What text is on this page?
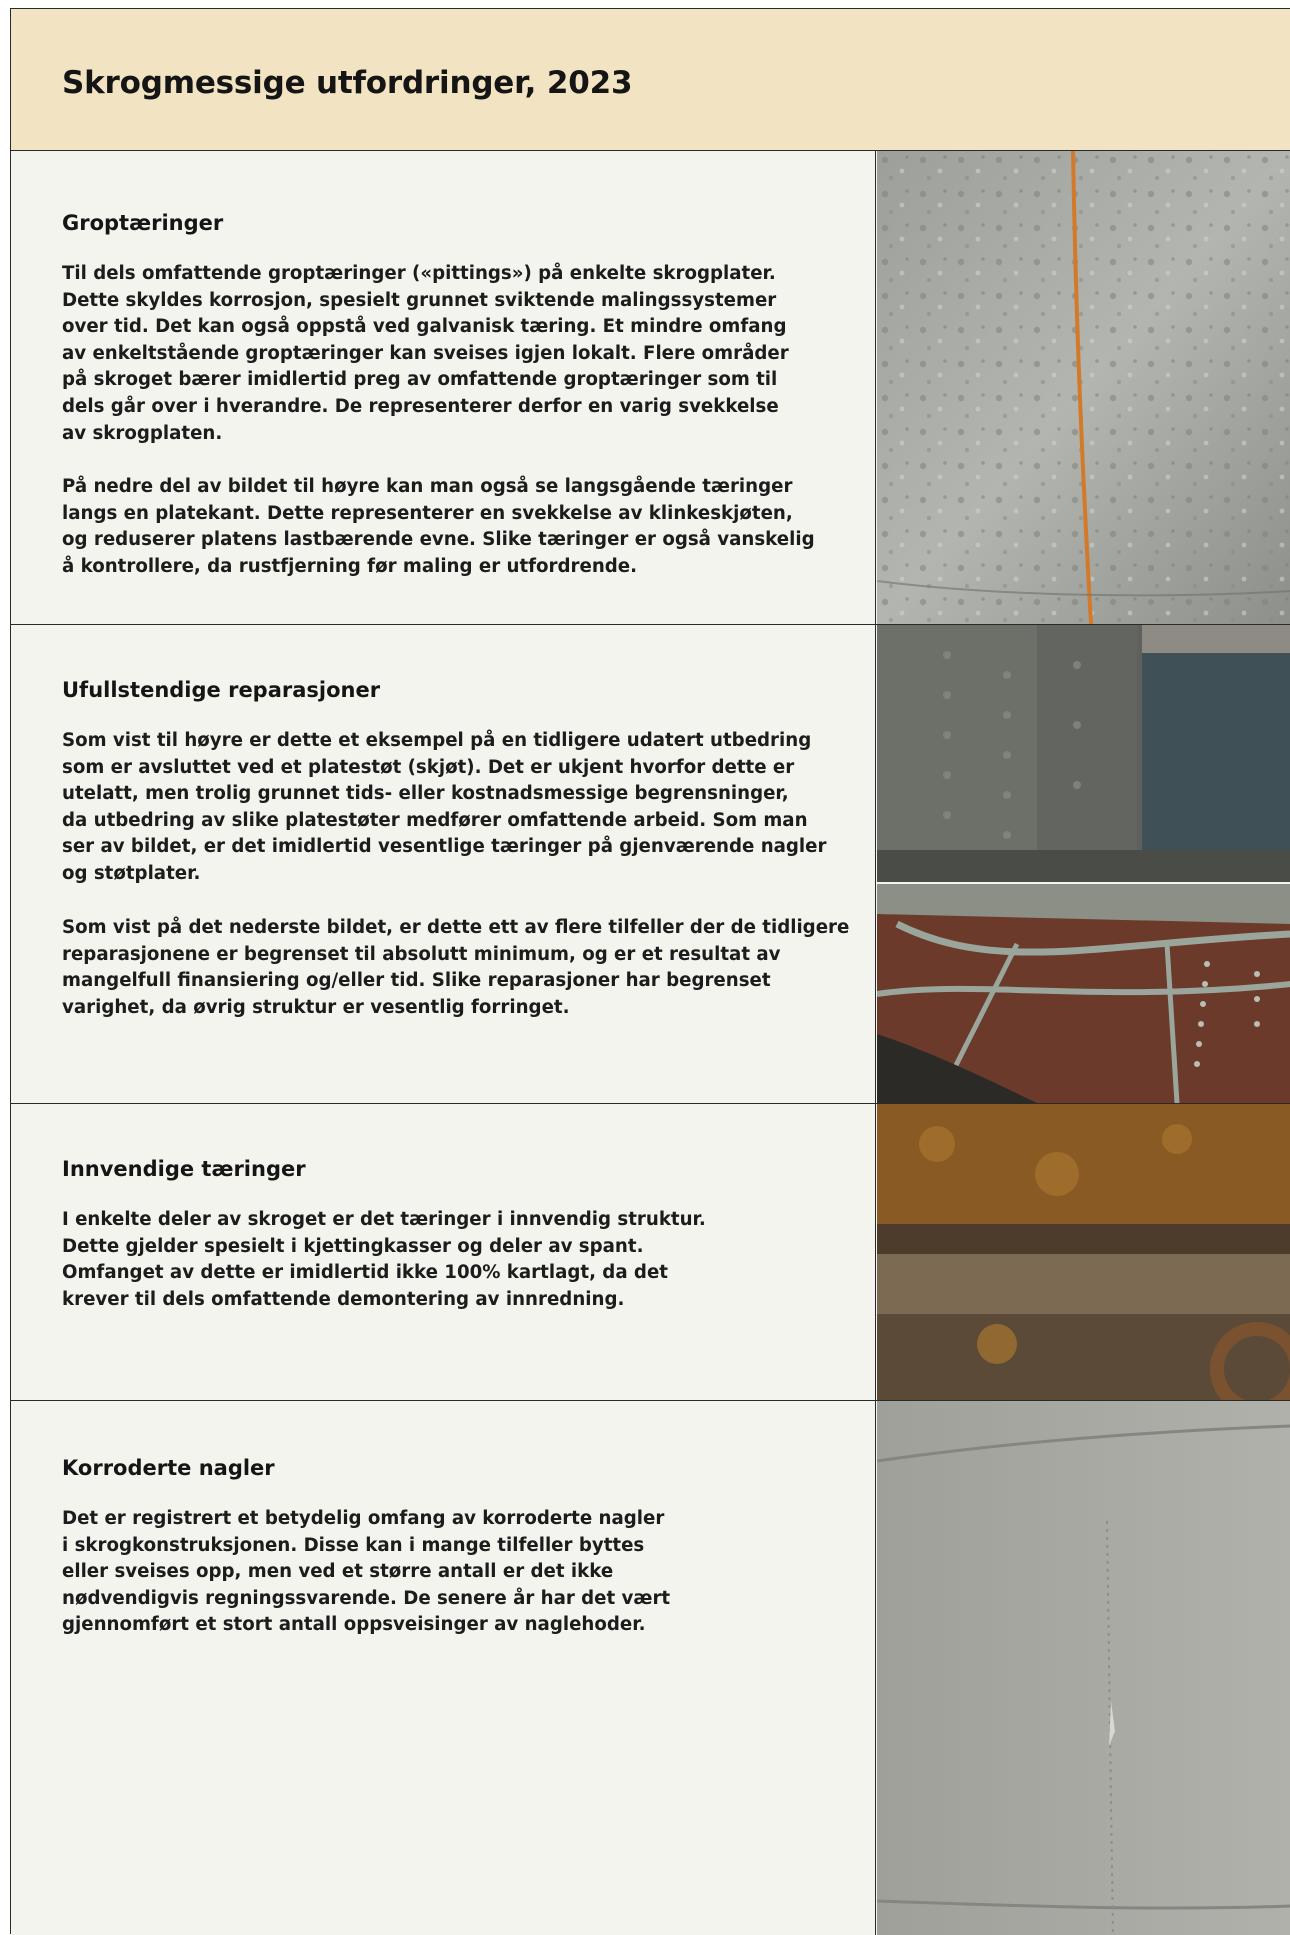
Skrogmessige utfordringer, 2023
Groptæringer

Til dels omfattende groptæringer («pittings») på enkelte skrogplater.
Dette skyldes korrosjon, spesielt grunnet sviktende malingssystemer
over tid. Det kan også oppstå ved galvanisk tæring. Et mindre omfang
av enkeltstående groptæringer kan sveises igjen lokalt. Flere områder
på skroget bærer imidlertid preg av omfattende groptæringer som til
dels går over i hverandre. De representerer derfor en varig svekkelse
av skrogplaten.

På nedre del av bildet til høyre kan man også se langsgående tæringer
langs en platekant. Dette representerer en svekkelse av klinkeskjøten,
og reduserer platens lastbærende evne. Slike tæringer er også vanskelig
å kontrollere, da rustfjerning før maling er utfordrende.

Ufullstendige reparasjoner

Som vist til høyre er dette et eksempel på en tidligere udatert utbedring
som er avsluttet ved et platestøt (skjøt). Det er ukjent hvorfor dette er
utelatt, men trolig grunnet tids- eller kostnadsmessige begrensninger,
da utbedring av slike platestøter medfører omfattende arbeid. Som man
ser av bildet, er det imidlertid vesentlige tæringer på gjenværende nagler
og støtplater.

Som vist på det nederste bildet, er dette ett av flere tilfeller der de tidligere
reparasjonene er begrenset til absolutt minimum, og er et resultat av
mangelfull finansiering og/eller tid. Slike reparasjoner har begrenset
varighet, da øvrig struktur er vesentlig forringet.

Innvendige tæringer

I enkelte deler av skroget er det tæringer i innvendig struktur.
Dette gjelder spesielt i kjettingkasser og deler av spant.
Omfanget av dette er imidlertid ikke 100% kartlagt, da det
krever til dels omfattende demontering av innredning.

Korroderte nagler

Det er registrert et betydelig omfang av korroderte nagler
i skrogkonstruksjonen. Disse kan i mange tilfeller byttes
eller sveises opp, men ved et større antall er det ikke
nødvendigvis regningssvarende. De senere år har det vært
gjennomført et stort antall oppsveisinger av naglehoder.
